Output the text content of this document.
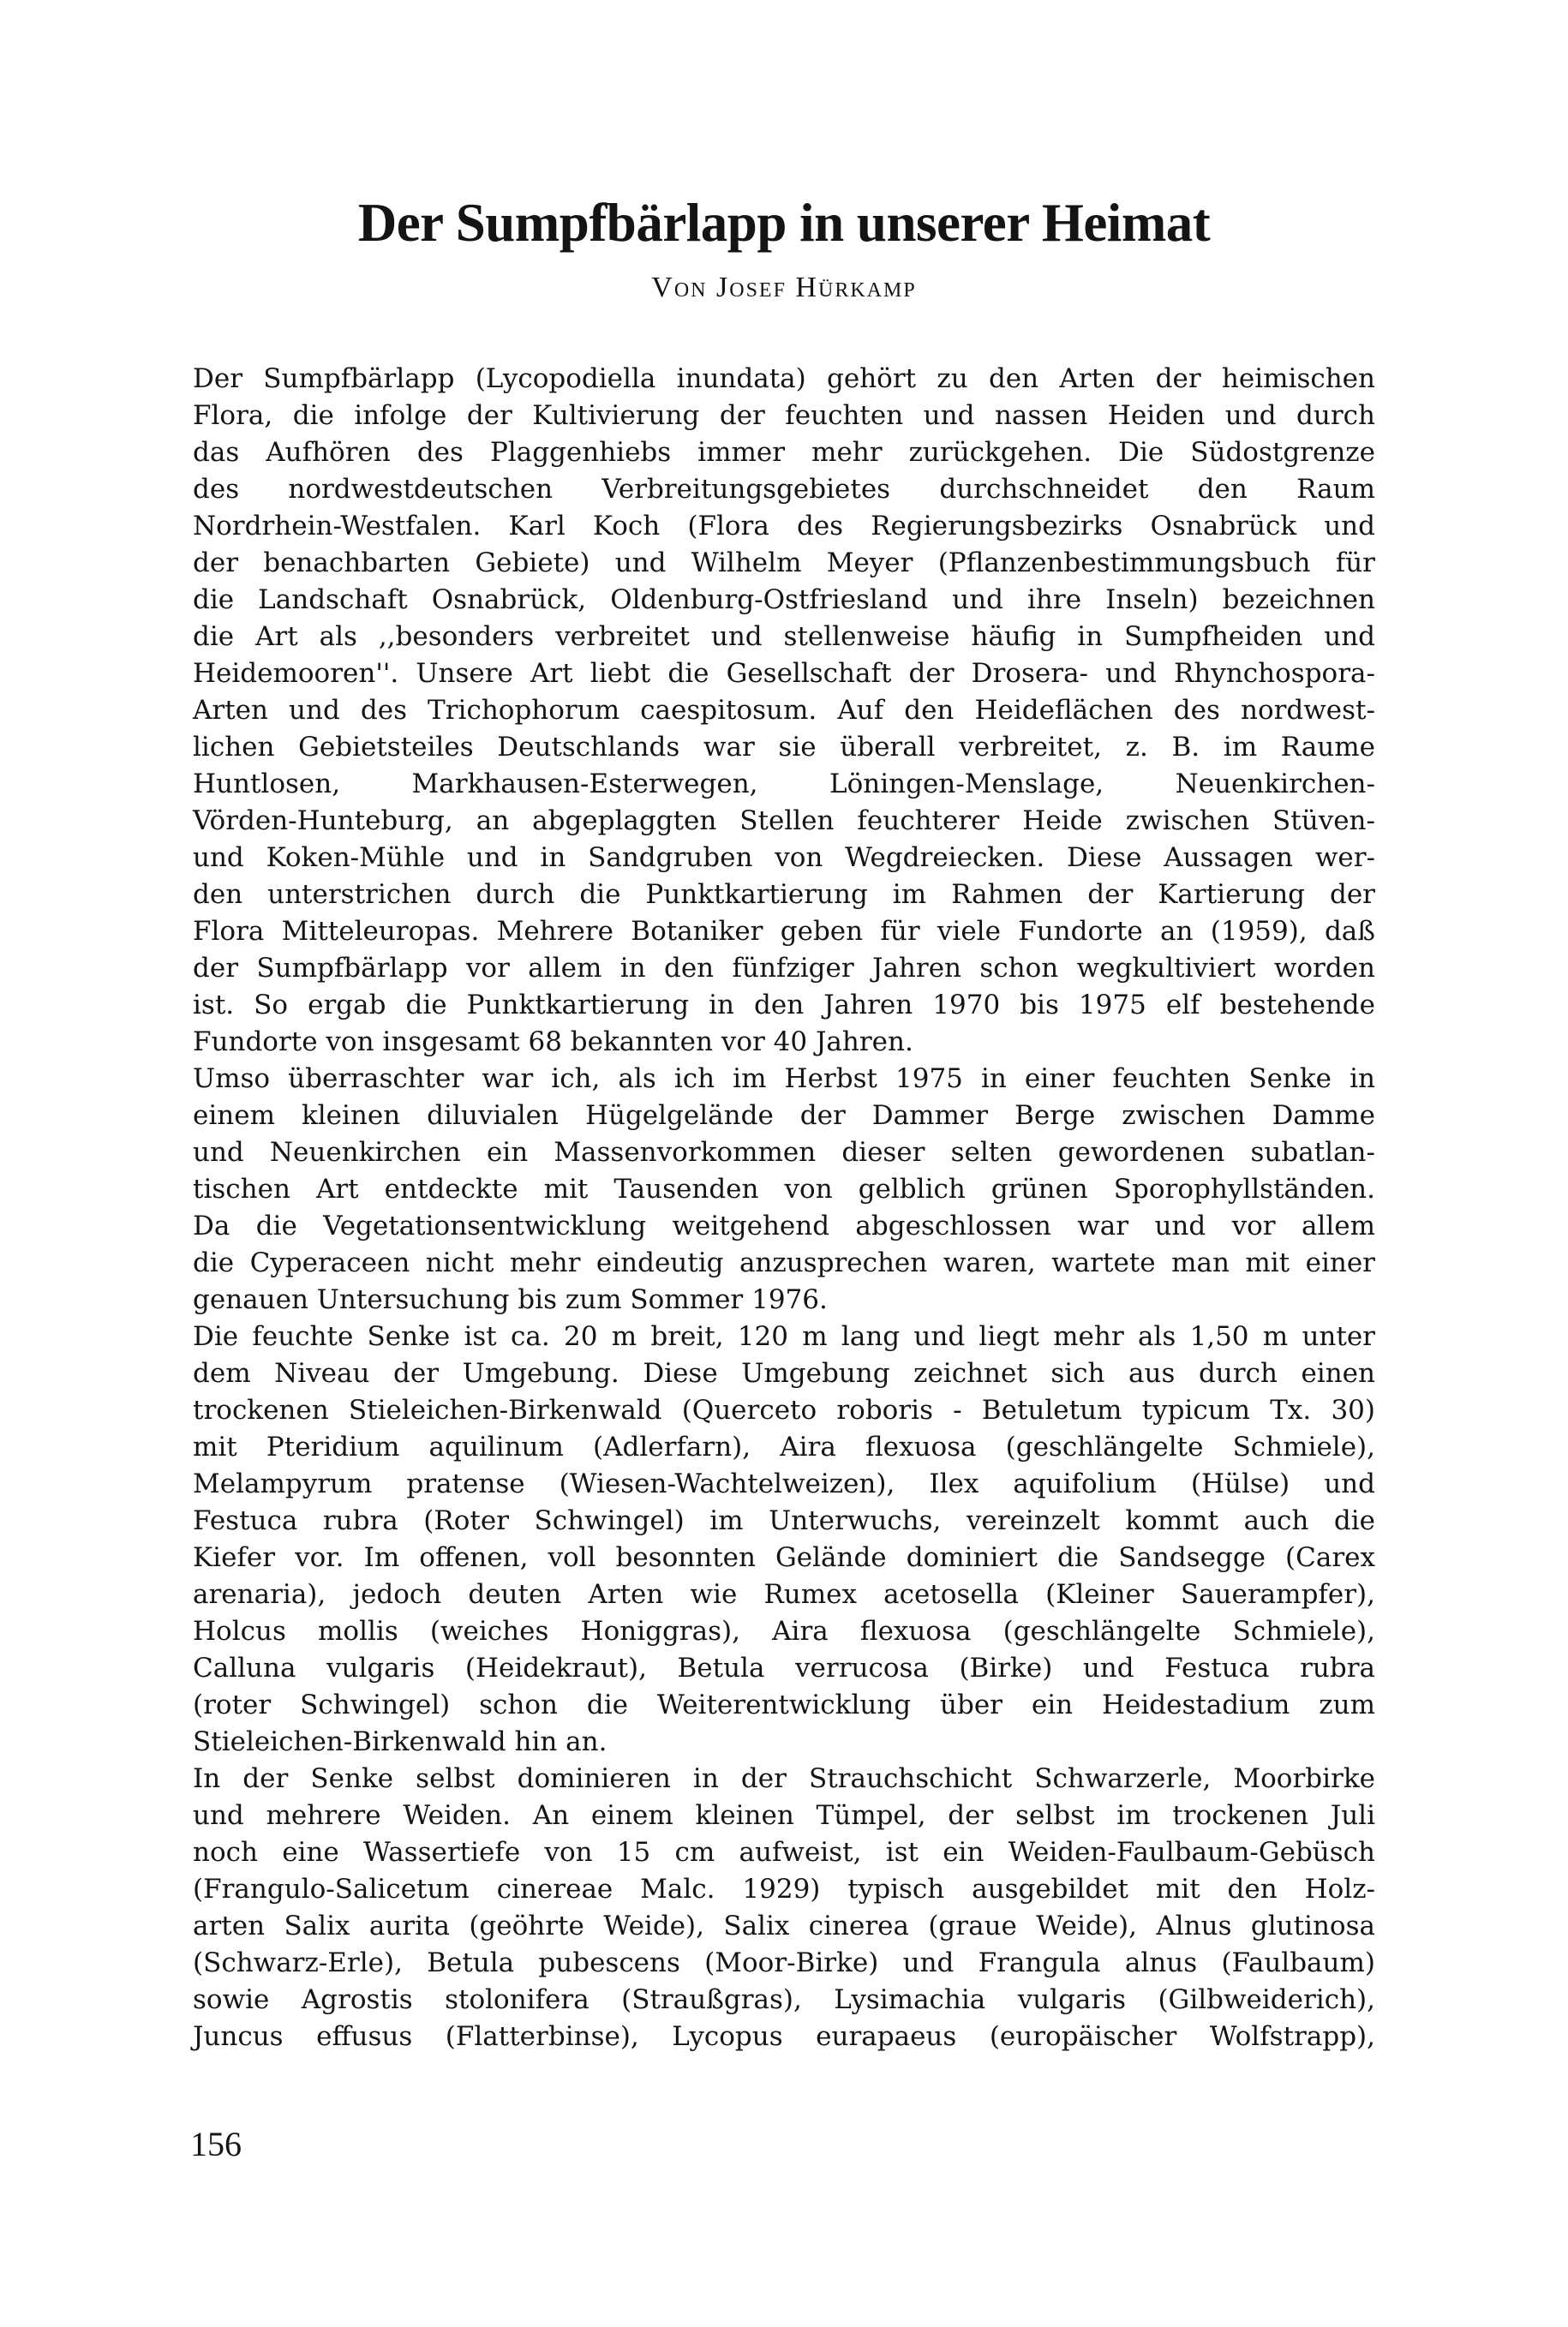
Der Sumpfbärlapp in unserer Heimat

Von Josef Hürkamp

Der Sumpfbärlapp (Lycopodiella inundata) gehört zu den Arten der heimischen
Flora, die infolge der Kultivierung der feuchten und nassen Heiden und durch
das Aufhören des Plaggenhiebs immer mehr zurückgehen. Die Südostgrenze
des nordwestdeutschen Verbreitungsgebietes durchschneidet den Raum
Nordrhein-Westfalen. Karl Koch (Flora des Regierungsbezirks Osnabrück und
der benachbarten Gebiete) und Wilhelm Meyer (Pflanzenbestimmungsbuch für
die Landschaft Osnabrück, Oldenburg-Ostfriesland und ihre Inseln) bezeichnen
die Art als ,,besonders verbreitet und stellenweise häufig in Sumpfheiden und
Heidemooren''. Unsere Art liebt die Gesellschaft der Drosera- und Rhynchospora-
Arten und des Trichophorum caespitosum. Auf den Heideflächen des nordwest-
lichen Gebietsteiles Deutschlands war sie überall verbreitet, z. B. im Raume
Huntlosen, Markhausen-Esterwegen, Löningen-Menslage, Neuenkirchen-
Vörden-Hunteburg, an abgeplaggten Stellen feuchterer Heide zwischen Stüven-
und Koken-Mühle und in Sandgruben von Wegdreiecken. Diese Aussagen wer-
den unterstrichen durch die Punktkartierung im Rahmen der Kartierung der
Flora Mitteleuropas. Mehrere Botaniker geben für viele Fundorte an (1959), daß
der Sumpfbärlapp vor allem in den fünfziger Jahren schon wegkultiviert worden
ist. So ergab die Punktkartierung in den Jahren 1970 bis 1975 elf bestehende
Fundorte von insgesamt 68 bekannten vor 40 Jahren.
Umso überraschter war ich, als ich im Herbst 1975 in einer feuchten Senke in
einem kleinen diluvialen Hügelgelände der Dammer Berge zwischen Damme
und Neuenkirchen ein Massenvorkommen dieser selten gewordenen subatlan-
tischen Art entdeckte mit Tausenden von gelblich grünen Sporophyllständen.
Da die Vegetationsentwicklung weitgehend abgeschlossen war und vor allem
die Cyperaceen nicht mehr eindeutig anzusprechen waren, wartete man mit einer
genauen Untersuchung bis zum Sommer 1976.
Die feuchte Senke ist ca. 20 m breit, 120 m lang und liegt mehr als 1,50 m unter
dem Niveau der Umgebung. Diese Umgebung zeichnet sich aus durch einen
trockenen Stieleichen-Birkenwald (Querceto roboris - Betuletum typicum Tx. 30)
mit Pteridium aquilinum (Adlerfarn), Aira flexuosa (geschlängelte Schmiele),
Melampyrum pratense (Wiesen-Wachtelweizen), Ilex aquifolium (Hülse) und
Festuca rubra (Roter Schwingel) im Unterwuchs, vereinzelt kommt auch die
Kiefer vor. Im offenen, voll besonnten Gelände dominiert die Sandsegge (Carex
arenaria), jedoch deuten Arten wie Rumex acetosella (Kleiner Sauerampfer),
Holcus mollis (weiches Honiggras), Aira flexuosa (geschlängelte Schmiele),
Calluna vulgaris (Heidekraut), Betula verrucosa (Birke) und Festuca rubra
(roter Schwingel) schon die Weiterentwicklung über ein Heidestadium zum
Stieleichen-Birkenwald hin an.
In der Senke selbst dominieren in der Strauchschicht Schwarzerle, Moorbirke
und mehrere Weiden. An einem kleinen Tümpel, der selbst im trockenen Juli
noch eine Wassertiefe von 15 cm aufweist, ist ein Weiden-Faulbaum-Gebüsch
(Frangulo-Salicetum cinereae Malc. 1929) typisch ausgebildet mit den Holz-
arten Salix aurita (geöhrte Weide), Salix cinerea (graue Weide), Alnus glutinosa
(Schwarz-Erle), Betula pubescens (Moor-Birke) und Frangula alnus (Faulbaum)
sowie Agrostis stolonifera (Straußgras), Lysimachia vulgaris (Gilbweiderich),
Juncus effusus (Flatterbinse), Lycopus eurapaeus (europäischer Wolfstrapp),

156
